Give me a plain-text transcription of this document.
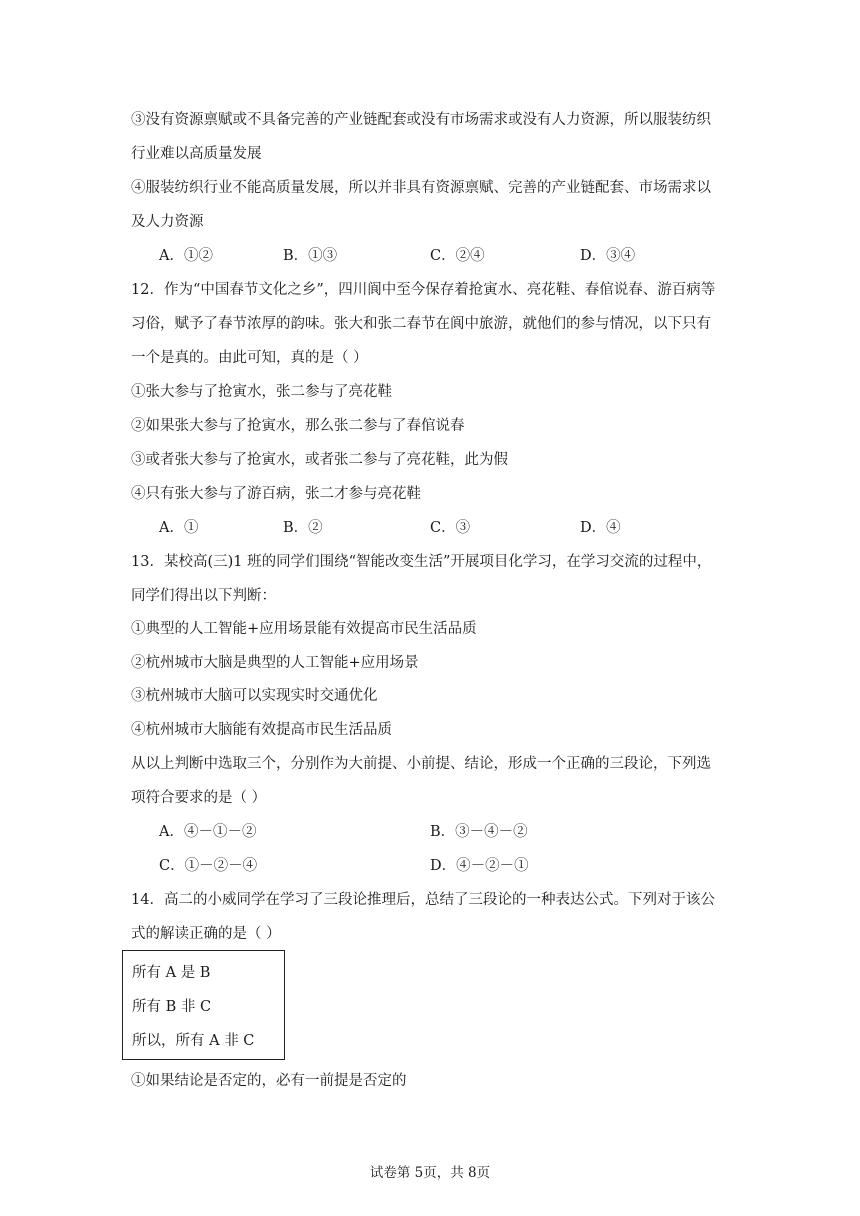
③没有资源禀赋或不具备完善的产业链配套或没有市场需求或没有人力资源，所以服装纺织
行业难以高质量发展
④服装纺织行业不能高质量发展，所以并非具有资源禀赋、完善的产业链配套、市场需求以
及人力资源
A．①②	B．①③	C．②④	D．③④
12．作为“中国春节文化之乡”，四川阆中至今保存着抢寅水、亮花鞋、春倌说春、游百病等
习俗，赋予了春节浓厚的韵味。张大和张二春节在阆中旅游，就他们的参与情况，以下只有
一个是真的。由此可知，真的是（ ）
①张大参与了抢寅水，张二参与了亮花鞋
②如果张大参与了抢寅水，那么张二参与了春倌说春
③或者张大参与了抢寅水，或者张二参与了亮花鞋，此为假
④只有张大参与了游百病，张二才参与亮花鞋
A．①	B．②	C．③	D．④
13．某校高(三)1 班的同学们围绕“智能改变生活”开展项目化学习，在学习交流的过程中，
同学们得出以下判断：
①典型的人工智能+应用场景能有效提高市民生活品质
②杭州城市大脑是典型的人工智能+应用场景
③杭州城市大脑可以实现实时交通优化
④杭州城市大脑能有效提高市民生活品质
从以上判断中选取三个，分别作为大前提、小前提、结论，形成一个正确的三段论，下列选
项符合要求的是（ ）
A．④－①－②	B．③－④－②
C．①－②－④	D．④－②－①
14．高二的小威同学在学习了三段论推理后，总结了三段论的一种表达公式。下列对于该公
式的解读正确的是（ ）
所有 A 是 B
所有 B 非 C
所以，所有 A 非 C
①如果结论是否定的，必有一前提是否定的
试卷第 5页，共 8页
